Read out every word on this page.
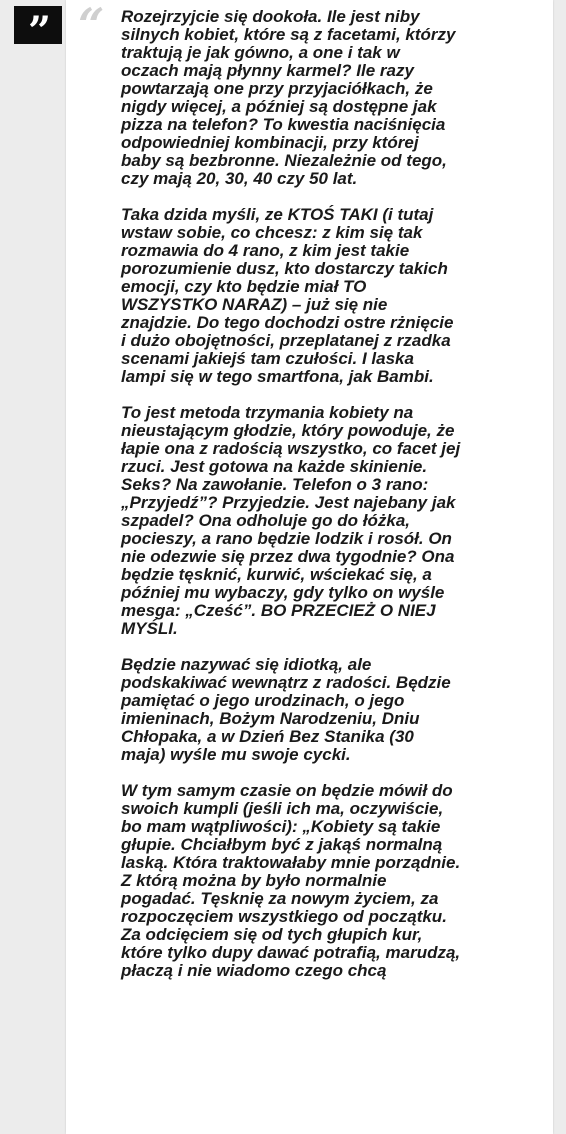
” “ Rozejrzyjcie się dookoła. Ile jest niby silnych kobiet, które są z facetami, którzy traktują je jak gówno, a one i tak w oczach mają płynny karmel? Ile razy powtarzają one przy przyjaciółkach, że nigdy więcej, a później są dostępne jak pizza na telefon? To kwestia naciśnięcia odpowiedniej kombinacji, przy której baby są bezbronne. Niezależnie od tego, czy mają 20, 30, 40 czy 50 lat.

Taka dzida myśli, ze KTOŚ TAKI (i tutaj wstaw sobie, co chcesz: z kim się tak rozmawia do 4 rano, z kim jest takie porozumienie dusz, kto dostarczy takich emocji, czy kto będzie miał TO WSZYSTKO NARAZ) – już się nie znajdzie. Do tego dochodzi ostre rżnięcie i dużo obojętności, przeplatanej z rzadka scenami jakiejś tam czułości. I laska lampi się w tego smartfona, jak Bambi.

To jest metoda trzymania kobiety na nieustającym głodzie, który powoduje, że łapie ona z radością wszystko, co facet jej rzuci. Jest gotowa na każde skinienie. Seks? Na zawołanie. Telefon o 3 rano: „Przyjedź”? Przyjedzie. Jest najebany jak szpadel? Ona odholuje go do łóżka, pocieszy, a rano będzie lodzik i rosół. On nie odezwie się przez dwa tygodnie? Ona będzie tęsknić, kurwić, wściekać się, a później mu wybaczy, gdy tylko on wyśle mesga: „Cześć”. BO PRZECIEŻ O NIEJ MYŚLI.

Będzie nazywać się idiotką, ale podskakiwać wewnątrz z radości. Będzie pamiętać o jego urodzinach, o jego imieninach, Bożym Narodzeniu, Dniu Chłopaka, a w Dzień Bez Stanika (30 maja) wyśle mu swoje cycki.

W tym samym czasie on będzie mówił do swoich kumpli (jeśli ich ma, oczywiście, bo mam wątpliwości): „Kobiety są takie głupie. Chciałbym być z jakąś normalną laską. Która traktowałaby mnie porządnie. Z którą można by było normalnie pogadać. Tęsknię za nowym życiem, za rozpoczęciem wszystkiego od początku. Za odcięciem się od tych głupich kur, które tylko dupy dawać potrafią, marudzą, płaczą i nie wiadomo czego chcą
